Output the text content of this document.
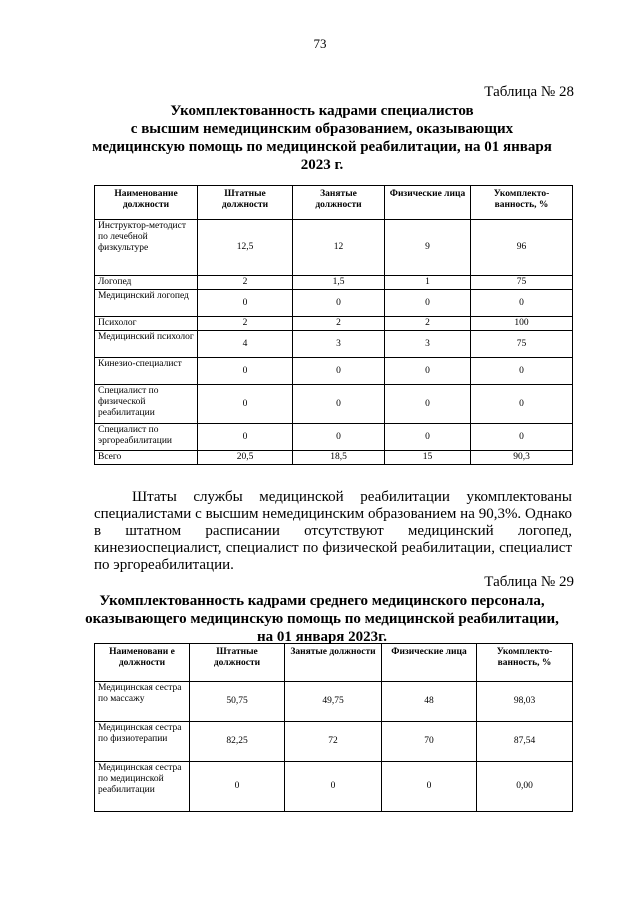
73
Таблица № 28
Укомплектованность кадрами специалистов
с высшим немедицинским образованием, оказывающих
медицинскую помощь по медицинской реабилитации, на 01 января
2023 г.
Наименование должности	Штатные должности	Занятые должности	Физические лица	Укомплекто-ванность, %
Инструктор-методист по лечебной физкультуре	12,5	12	9	96
Логопед	2	1,5	1	75
Медицинский логопед	0	0	0	0
Психолог	2	2	2	100
Медицинский психолог	4	3	3	75
Кинезио-специалист	0	0	0	0
Специалист по физической реабилитации	0	0	0	0
Специалист по эргореабилитации	0	0	0	0
Всего	20,5	18,5	15	90,3
Штаты службы медицинской реабилитации укомплектованы
специалистами с высшим немедицинским образованием на 90,3%. Однако
в штатном расписании отсутствуют медицинский логопед,
кинезиоспециалист, специалист по физической реабилитации, специалист
по эргореабилитации.
Таблица № 29
Укомплектованность кадрами среднего медицинского персонала,
оказывающего медицинскую помощь по медицинской реабилитации,
на 01 января 2023г.
Наименовани е должности	Штатные должности	Занятые должности	Физические лица	Укомплекто-ванность, %
Медицинская сестра по массажу	50,75	49,75	48	98,03
Медицинская сестра по физиотерапии	82,25	72	70	87,54
Медицинская сестра по медицинской реабилитации	0	0	0	0,00
